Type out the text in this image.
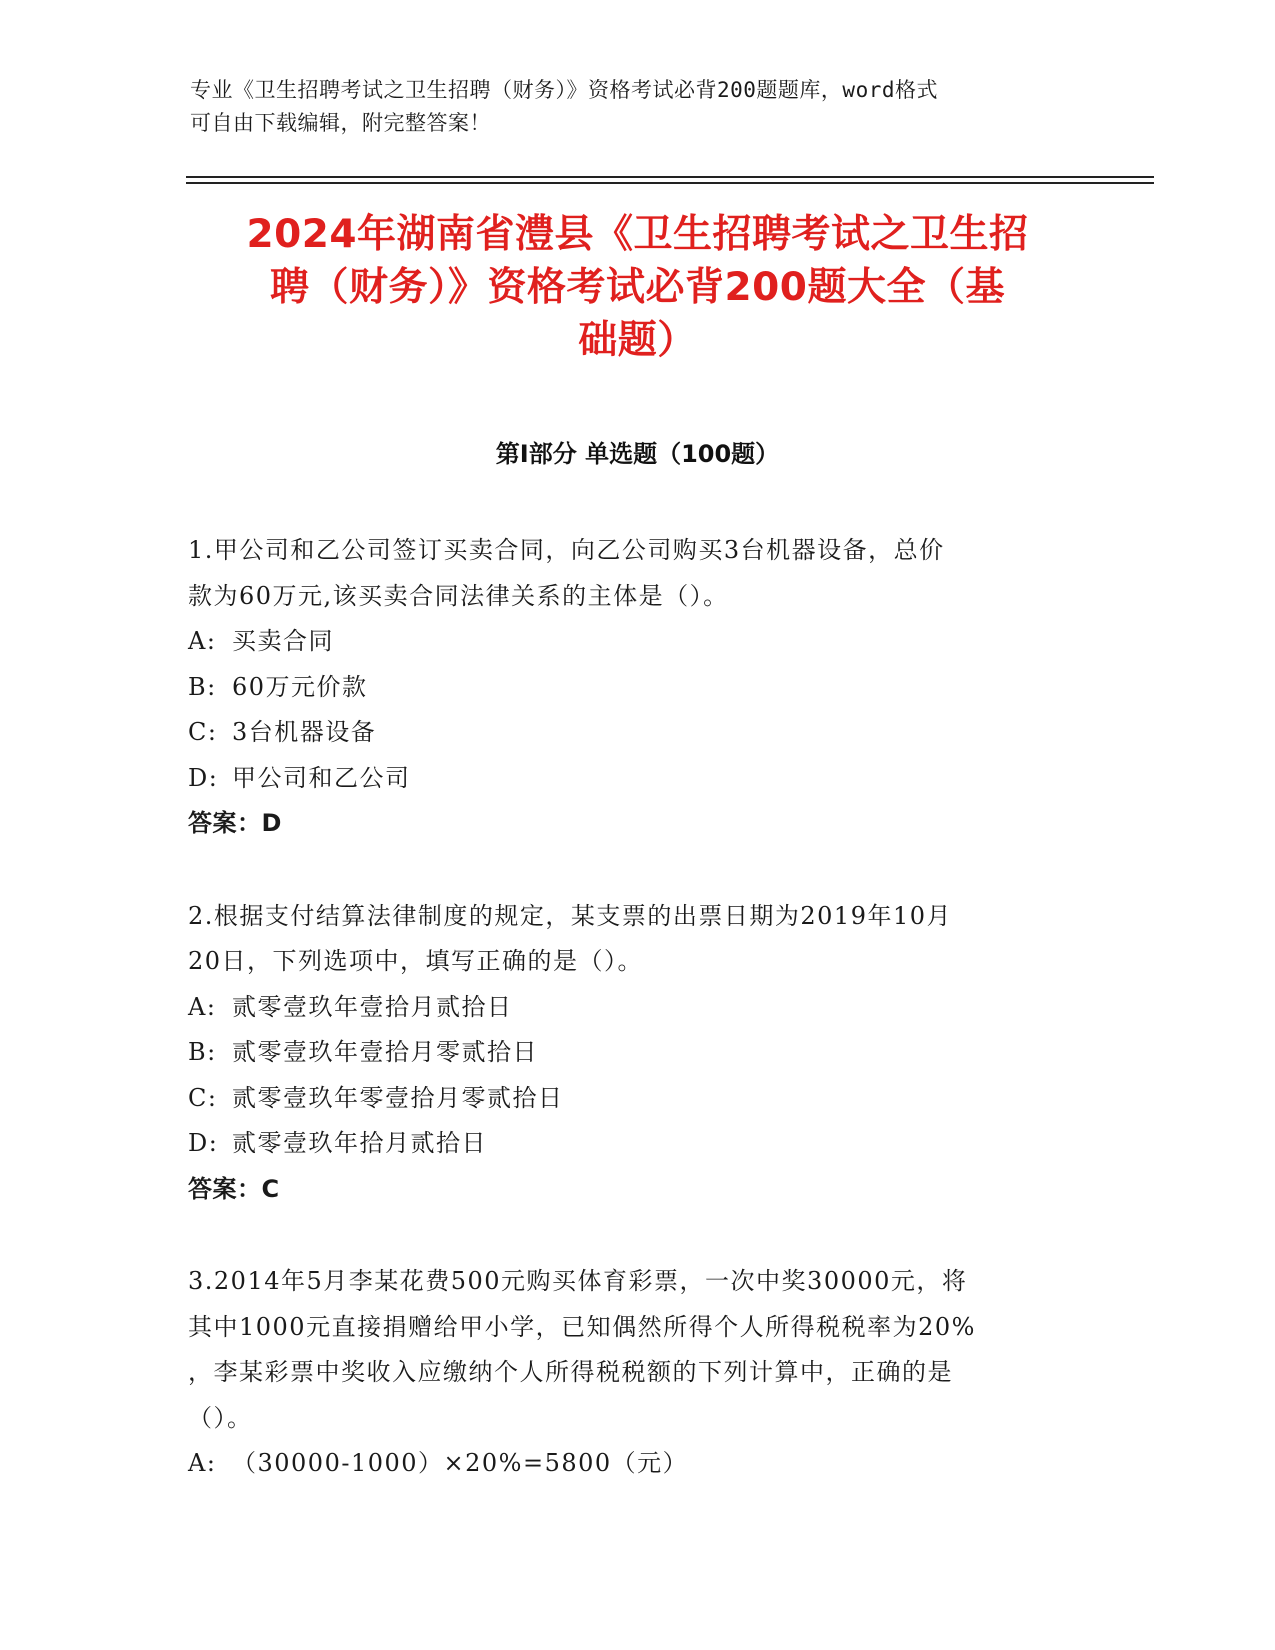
专业《卫生招聘考试之卫生招聘（财务）》资格考试必背200题题库，word格式
可自由下载编辑，附完整答案！
2024年湖南省澧县《卫生招聘考试之卫生招
聘（财务）》资格考试必背200题大全（基
础题）
第Ⅰ部分 单选题（100题）
1.甲公司和乙公司签订买卖合同，向乙公司购买3台机器设备，总价
款为60万元,该买卖合同法律关系的主体是（）。
A: 买卖合同
B: 60万元价款
C: 3台机器设备
D: 甲公司和乙公司
答案：D
2.根据支付结算法律制度的规定，某支票的出票日期为2019年10月
20日，下列选项中，填写正确的是（）。
A: 贰零壹玖年壹拾月贰拾日
B: 贰零壹玖年壹拾月零贰拾日
C: 贰零壹玖年零壹拾月零贰拾日
D: 贰零壹玖年拾月贰拾日
答案：C
3.2014年5月李某花费500元购买体育彩票，一次中奖30000元，将
其中1000元直接捐赠给甲小学，已知偶然所得个人所得税税率为20%
，李某彩票中奖收入应缴纳个人所得税税额的下列计算中，正确的是
（）。
A: （30000-1000）×20%=5800（元）
